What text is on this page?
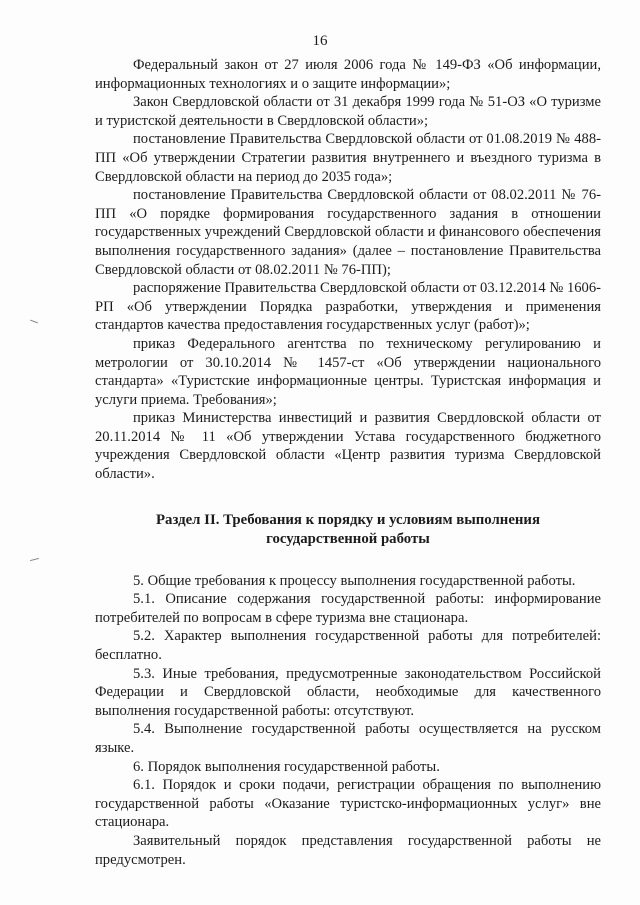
16

Федеральный закон от 27 июля 2006 года № 149-ФЗ «Об информации, информационных технологиях и о защите информации»;

Закон Свердловской области от 31 декабря 1999 года № 51-ОЗ «О туризме и туристской деятельности в Свердловской области»;

постановление Правительства Свердловской области от 01.08.2019 № 488-ПП «Об утверждении Стратегии развития внутреннего и въездного туризма в Свердловской области на период до 2035 года»;

постановление Правительства Свердловской области от 08.02.2011 № 76-ПП «О порядке формирования государственного задания в отношении государственных учреждений Свердловской области и финансового обеспечения выполнения государственного задания» (далее – постановление Правительства Свердловской области от 08.02.2011 № 76-ПП);

распоряжение Правительства Свердловской области от 03.12.2014 № 1606-РП «Об утверждении Порядка разработки, утверждения и применения стандартов качества предоставления государственных услуг (работ)»;

приказ Федерального агентства по техническому регулированию и метрологии от 30.10.2014 № 1457-ст «Об утверждении национального стандарта» «Туристские информационные центры. Туристская информация и услуги приема. Требования»;

приказ Министерства инвестиций и развития Свердловской области от 20.11.2014 № 11 «Об утверждении Устава государственного бюджетного учреждения Свердловской области «Центр развития туризма Свердловской области».

Раздел II. Требования к порядку и условиям выполнения
государственной работы

5. Общие требования к процессу выполнения государственной работы.

5.1. Описание содержания государственной работы: информирование потребителей по вопросам в сфере туризма вне стационара.

5.2. Характер выполнения государственной работы для потребителей: бесплатно.

5.3. Иные требования, предусмотренные законодательством Российской Федерации и Свердловской области, необходимые для качественного выполнения государственной работы: отсутствуют.

5.4. Выполнение государственной работы осуществляется на русском языке.

6. Порядок выполнения государственной работы.

6.1. Порядок и сроки подачи, регистрации обращения по выполнению государственной работы «Оказание туристско-информационных услуг» вне стационара.

Заявительный порядок представления государственной работы не предусмотрен.
